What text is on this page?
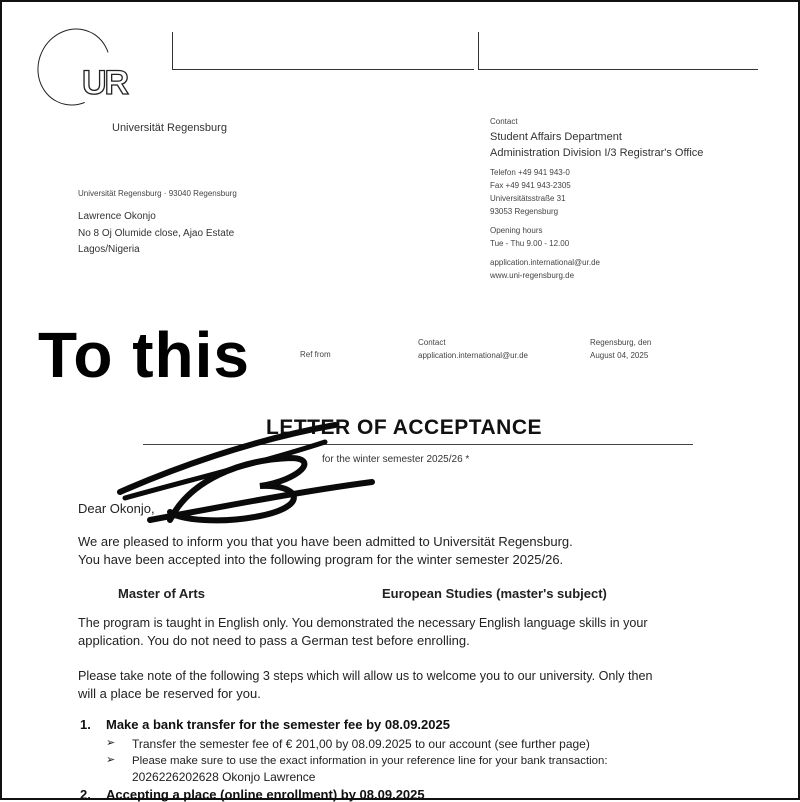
UR
Universität Regensburg
Contact
Student Affairs Department
Administration Division I/3 Registrar's Office
Telefon +49 941 943-0
Fax +49 941 943-2305
Universitätsstraße 31
93053 Regensburg
Opening hours
Tue - Thu 9.00 - 12.00
application.international@ur.de
www.uni-regensburg.de
Universität Regensburg · 93040 Regensburg
Lawrence Okonjo
No 8 Oj Olumide close, Ajao Estate
Lagos/Nigeria
To this	Ref from
Contact
application.international@ur.de
Regensburg, den
August 04, 2025
LETTER OF ACCEPTANCE
for the winter semester 2025/26 *
Dear Okonjo,
We are pleased to inform you that you have been admitted to Universität Regensburg.
You have been accepted into the following program for the winter semester 2025/26.
Master of Arts	European Studies (master's subject)
The program is taught in English only. You demonstrated the necessary English language skills in your
application. You do not need to pass a German test before enrolling.
Please take note of the following 3 steps which will allow us to welcome you to our university. Only then
will a place be reserved for you.
1. Make a bank transfer for the semester fee by 08.09.2025
➢ Transfer the semester fee of € 201,00 by 08.09.2025 to our account (see further page)
➢ Please make sure to use the exact information in your reference line for your bank transaction:
2026226202628 Okonjo Lawrence
2. Accepting a place (online enrollment) by 08.09.2025
